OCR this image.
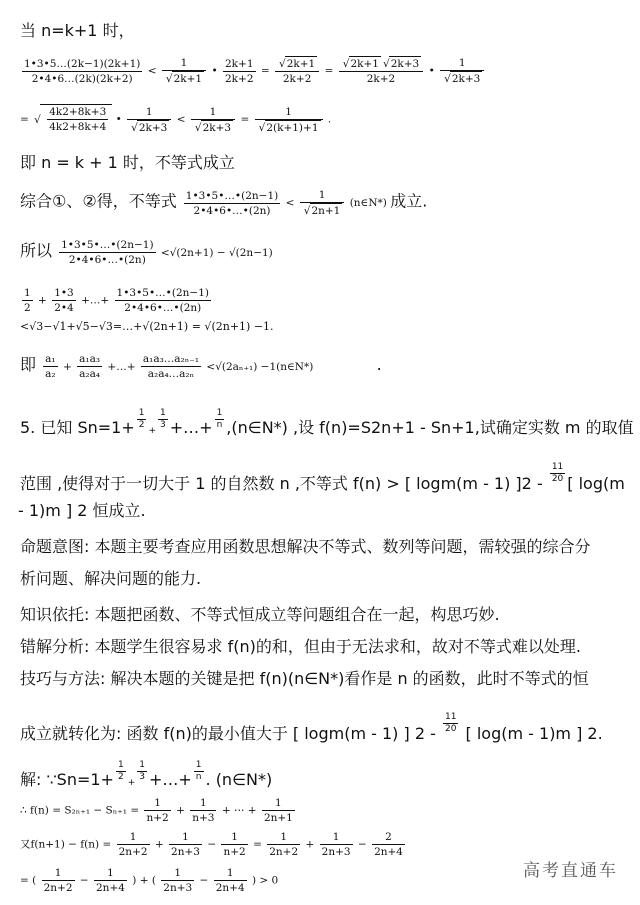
当 n=k+1 时，
$\frac{1•3•5\dots(2k-1)(2k+1)}{2•4•6\dots(2k)(2k+2)} < 1$
√ 2k+1 • $\frac{2k+1}{2k+2}$ = √ $\frac{2k+1}{2k+2}$ = √ $\frac{2k+1 √ 2k+3}{2k+2}$ • 1
√ 2k+3
= √ $\frac{4k2+8k+3}{4k2+8k+4}$ • 1
√ 2k+3 < 1
√ 2k+3 = 1
√ 2(k+1)+1 .
即 n = k + 1 时，不等式成立
综合①、②得，不等式 $\frac{1•3•5•\dots•(2n-1)}{2•4•6•\dots•(2n)} < 1$
√ 2n+1 (n∈N*) 成立.
所以 $\frac{1•3•5•\dots•(2n-1)}{2•4•6•\dots•(2n)} <√(2n+1) - √(2n-1)$
$\frac{1}{2} + \frac{1•3}{2•4}$ +…+ $\frac{1•3•5•\dots•(2n-1)}{2•4•6•\dots•(2n)}$
<√3−√1+√5−√3=…+√(2n+1) = √(2n+1) −1.
即 $\frac{\text{a₁}}{\text{a₂}} + \frac{\text{a₁a₃}}{\text{a₂a₄}}$ +…+ $\frac{\text{a₁a₃…a₂ₙ₋₁}}{\text{a₂a₄…a₂ₙ}} <√(2a_{n+1})$ −1(n∈N*)	.
5. 已知 $Sn=1+ \frac{1}{2} + \frac{1}{3}$ +…+ $\frac{1}{n}$ ,(n∈N*) ,设 f(n)=S2n+1 - Sn+1,试确定实数 m 的取值
范围 ,使得对于一切大于 1 的自然数 n ,不等式 f(n) > [ logm(m - 1) ]$2 - \frac{11}{20}$ [ log(m
- 1)m ] 2 恒成立.
命题意图: 本题主要考查应用函数思想解决不等式、数列等问题，需较强的综合分
析问题、解决问题的能力.
知识依托: 本题把函数、不等式恒成立等问题组合在一起，构思巧妙.
错解分析: 本题学生很容易求 f(n)的和，但由于无法求和，故对不等式难以处理.
技巧与方法: 解决本题的关键是把 f(n)(n∈N*)看作是 n 的函数，此时不等式的恒
成立就转化为: 函数 f(n)的最小值大于 [ logm(m - 1) ] $2 - \frac{11}{20}$ [ log(m - 1)m ] 2.
解: ∵Sn=1+ $\frac{1}{2} + \frac{1}{3}$ +…+ $\frac{1}{n}$ . (n∈N*)
∴ $f(n) = S_{2n+1} - S_{n+1} = \frac{1}{n+2} + \frac{1}{n+3}$ + ⋯ + $\frac{1}{2n+1}$
又$f(n+1) - f(n) = \frac{1}{2n+2} + \frac{1}{2n+3} - \frac{1}{n+2} = \frac{1}{2n+2} + \frac{1}{2n+3} - \frac{2}{2n+4}$
= ( $\frac{1}{2n+2} - \frac{1}{2n+4}$ ) + ( $\frac{1}{2n+3} - \frac{1}{2n+4}$ ) > 0	高考直通车
